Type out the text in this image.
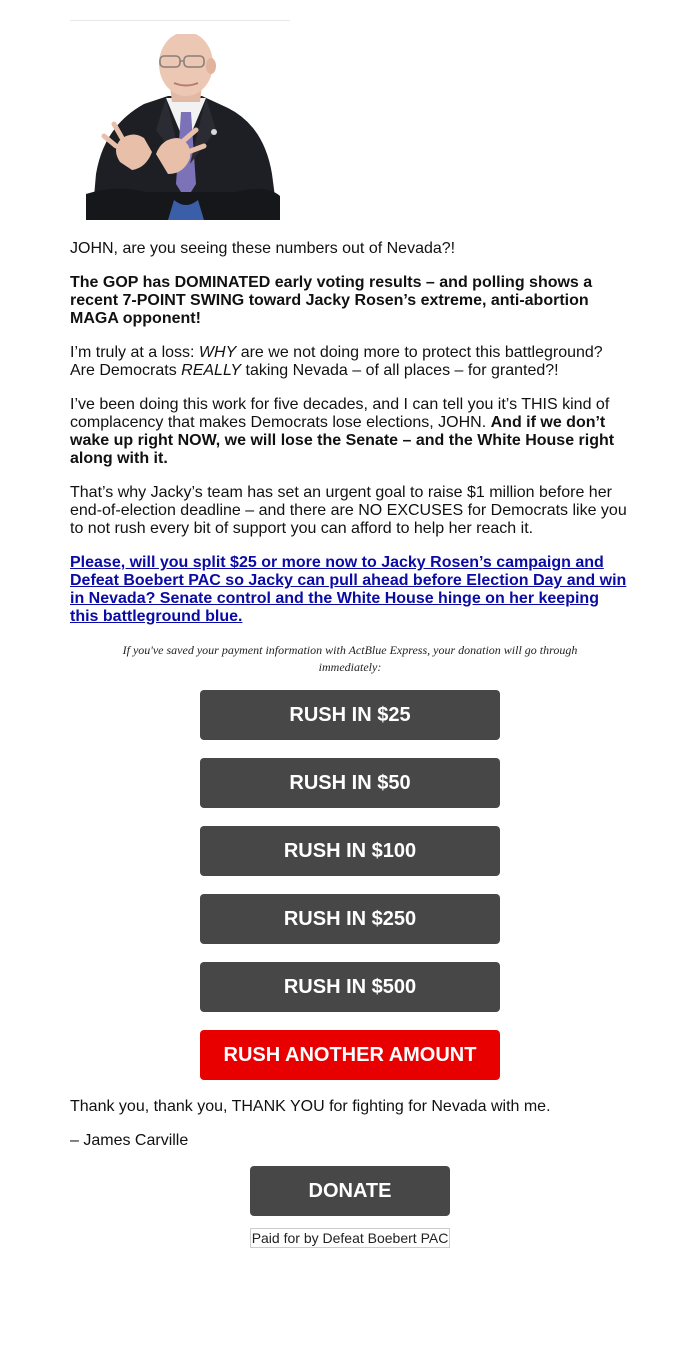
JOHN, are you seeing these numbers out of Nevada?!

The GOP has DOMINATED early voting results – and polling shows a recent 7-POINT SWING toward Jacky Rosen’s extreme, anti-abortion MAGA opponent!

I’m truly at a loss: WHY are we not doing more to protect this battleground? Are Democrats REALLY taking Nevada – of all places – for granted?!

I’ve been doing this work for five decades, and I can tell you it’s THIS kind of complacency that makes Democrats lose elections, JOHN. And if we don’t wake up right NOW, we will lose the Senate – and the White House right along with it.

That’s why Jacky’s team has set an urgent goal to raise $1 million before her end-of-election deadline – and there are NO EXCUSES for Democrats like you to not rush every bit of support you can afford to help her reach it.

Please, will you split $25 or more now to Jacky Rosen’s campaign and Defeat Boebert PAC so Jacky can pull ahead before Election Day and win in Nevada? Senate control and the White House hinge on her keeping this battleground blue.

If you've saved your payment information with ActBlue Express, your donation will go through immediately:
RUSH IN $25
RUSH IN $50
RUSH IN $100
RUSH IN $250
RUSH IN $500
RUSH ANOTHER AMOUNT

Thank you, thank you, THANK YOU for fighting for Nevada with me.

– James Carville

DONATE
Paid for by Defeat Boebert PAC
